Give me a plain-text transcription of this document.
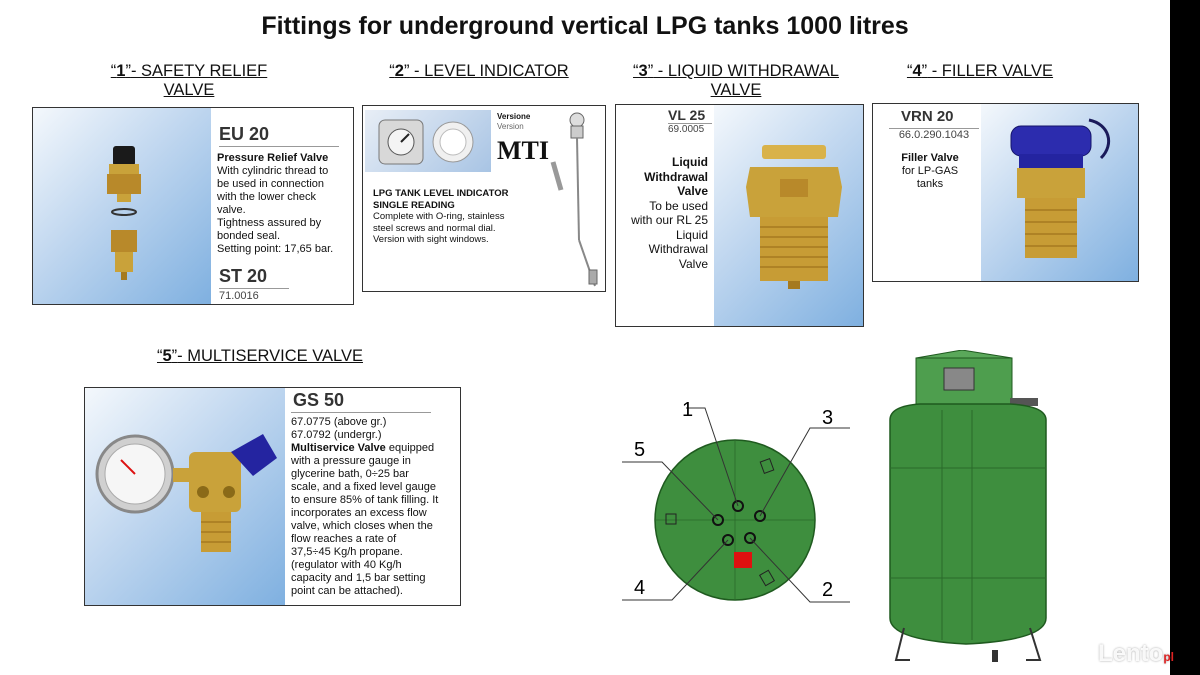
Fittings for underground vertical LPG tanks 1000 litres
“1”- SAFETY RELIEF VALVE
“2” - LEVEL INDICATOR	“3” - LIQUID WITHDRAWAL VALVE
“4” - FILLER VALVE
“5”- MULTISERVICE VALVE
EU 20
Pressure Relief Valve
With cylindric thread to
be used in connection
with the lower check
valve.
Tightness assured by
bonded seal.
Setting point: 17,65 bar.
ST 20
71.0016
Versione
Version
MTI
LPG TANK LEVEL INDICATOR
SINGLE READING
Complete with O-ring, stainless
steel screws and normal dial.
Version with sight windows.
VL 25
69.0005
Liquid
Withdrawal
Valve
To be used
with our RL 25
Liquid
Withdrawal
Valve
VRN 20
66.0.290.1043
Filler Valve
for LP-GAS
tanks
GS 50
67.0775 (above gr.)
67.0792 (undergr.)
Multiservice Valve equipped
with a pressure gauge in
glycerine bath, 0÷25 bar
scale, and a fixed level gauge
to ensure 85% of tank filling. It
incorporates an excess flow
valve, which closes when the
flow reaches a rate of
37,5÷45 Kg/h propane.
(regulator with 40 Kg/h
capacity and 1,5 bar setting
point can be attached).
1	3
5
4	2
Lentopl
